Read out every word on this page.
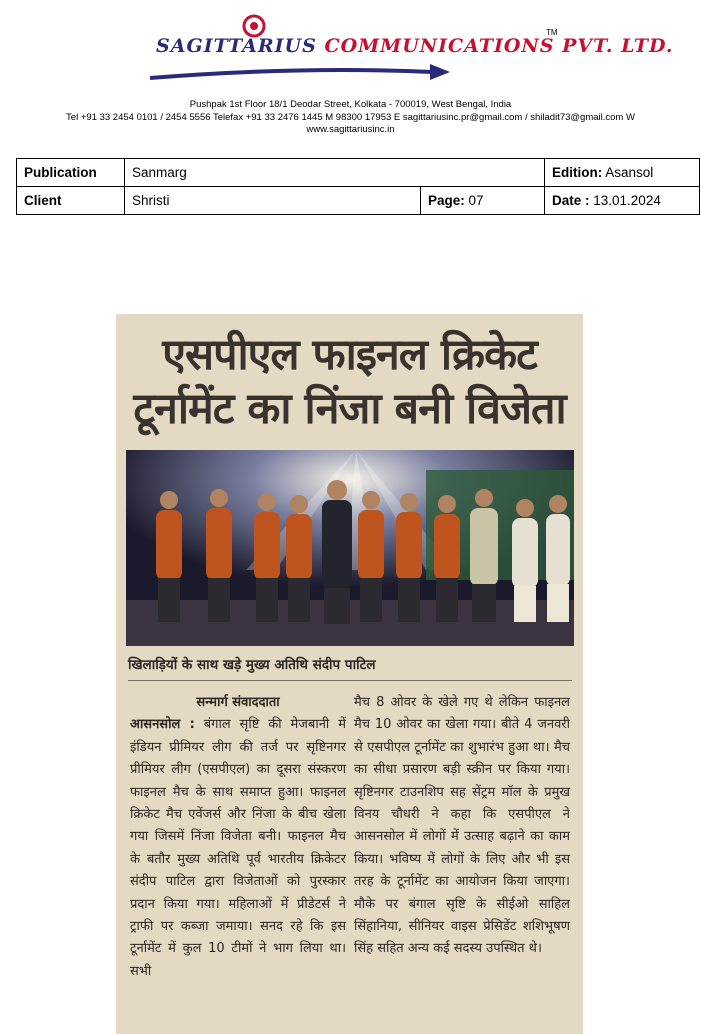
SAGITTARIUS COMMUNICATIONS PVT. LTD.
TM
Pushpak 1st Floor 18/1 Deodar Street, Kolkata - 700019, West Bengal, India
Tel +91 33 2454 0101 / 2454 5556 Telefax +91 33 2476 1445 M 98300 17953 E sagittariusinc.pr@gmail.com / shiladit73@gmail.com W
www.sagittariusinc.in
Publication	Sanmarg		Edition: Asansol
Client	Shristi	Page: 07	Date : 13.01.2024
एसपीएल फाइनल क्रिकेट
टूर्नामेंट का निंजा बनी विजेता
खिलाड़ियों के साथ खड़े मुख्य अतिथि संदीप पाटिल
सन्मार्ग संवाददाता
आसनसोल : बंगाल सृष्टि की मेजबानी में इंडियन प्रीमियर लीग की तर्ज पर सृष्टिनगर प्रीमियर लीग (एसपीएल) का दूसरा संस्करण फाइनल मैच के साथ समाप्त हुआ। फाइनल क्रिकेट मैच एवेंजर्स और निंजा के बीच खेला गया जिसमें निंजा विजेता बनी। फाइनल मैच के बतौर मुख्य अतिथि पूर्व भारतीय क्रिकेटर संदीप पाटिल द्वारा विजेताओं को पुरस्कार प्रदान किया गया। महिलाओं में प्रीडेटर्स ने ट्राफी पर कब्जा जमाया। सनद रहे कि इस टूर्नामेंट में कुल 10 टीमों ने भाग लिया था। सभी
मैच 8 ओवर के खेले गए थे लेकिन फाइनल मैच 10 ओवर का खेला गया। बीते 4 जनवरी से एसपीएल टूर्नामेंट का शुभारंभ हुआ था। मैच का सीधा प्रसारण बड़ी स्क्रीन पर किया गया। सृष्टिनगर टाउनशिप सह सेंट्रम मॉल के प्रमुख विनय चौधरी ने कहा कि एसपीएल ने आसनसोल में लोगों में उत्साह बढ़ाने का काम किया। भविष्य में लोगों के लिए और भी इस तरह के टूर्नामेंट का आयोजन किया जाएगा। मौके पर बंगाल सृष्टि के सीईओ साहिल सिंहानिया, सीनियर वाइस प्रेसिडेंट शशिभूषण सिंह सहित अन्य कई सदस्य उपस्थित थे।
